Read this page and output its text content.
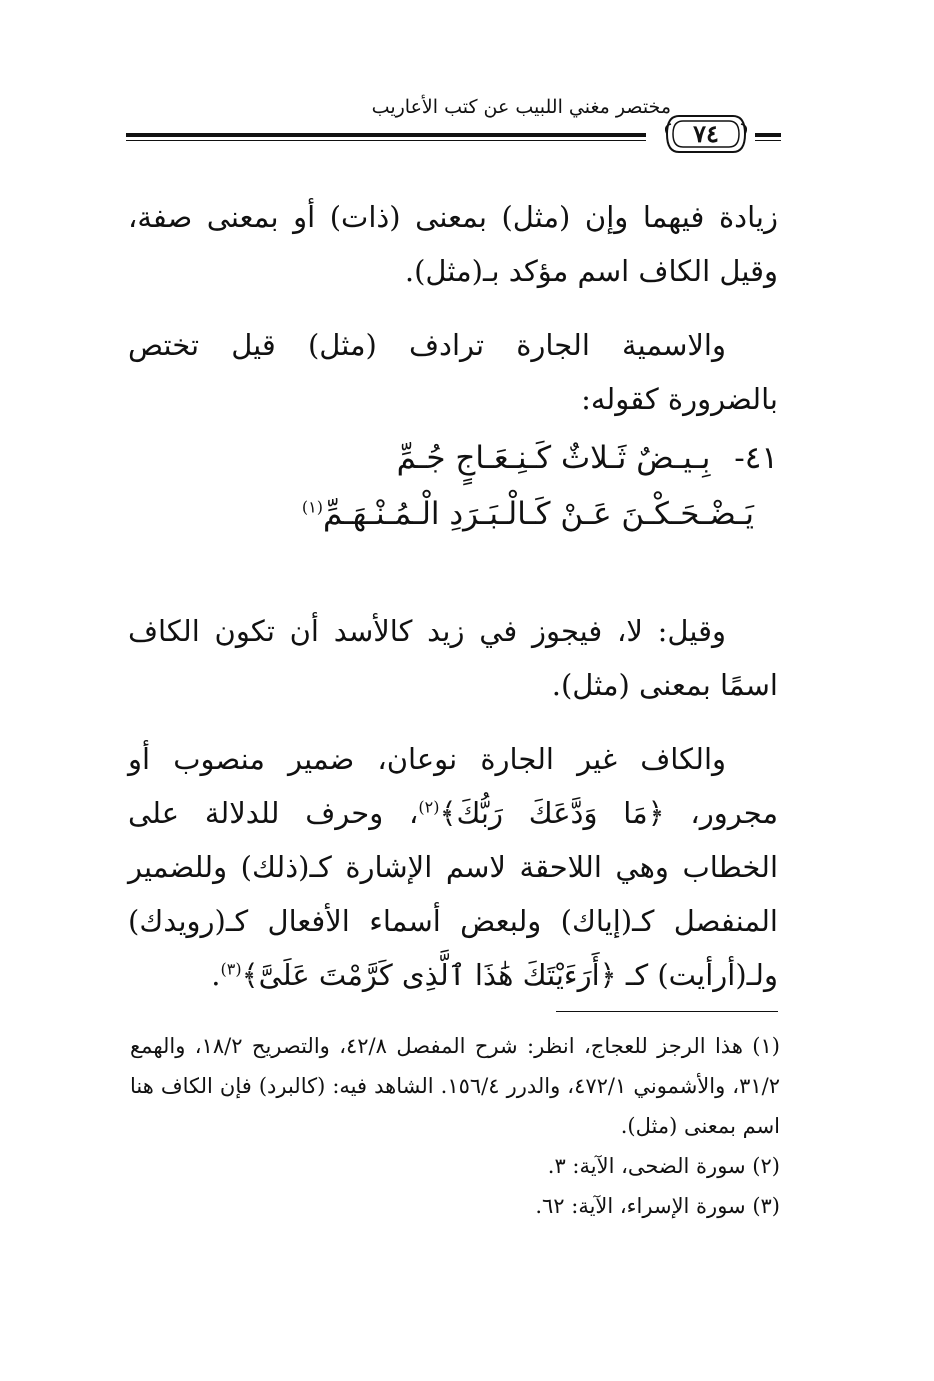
مختصر مغني اللبيب عن كتب الأعاريب
٧٤
زيادة فيهما وإن (مثل) بمعنى (ذات) أو بمعنى صفة، وقيل الكاف اسم مؤكد بـ(مثل).
والاسمية الجارة ترادف (مثل) قيل تختص بالضرورة كقوله:
٤١- بِـيـضٌ ثَـلاثٌ كَـنِـعَـاجٍ جُـمِّ
يَـضْـحَـكْـنَ عَـنْ كَـالْـبَـرَدِ الْـمُـنْـهَـمِّ$^{(١)}$
وقيل: لا، فيجوز في زيد كالأسد أن تكون الكاف اسمًا بمعنى (مثل).
والكاف غير الجارة نوعان، ضمير منصوب أو مجرور، ﴿مَا وَدَّعَكَ رَبُّكَ﴾$^{(٢)}$، وحرف للدلالة على الخطاب وهي اللاحقة لاسم الإشارة كـ(ذلك) وللضمير المنفصل كـ(إياك) ولبعض أسماء الأفعال كـ(رويدك) ولـ(أرأيت) كـ ﴿أَرَءَيْتَكَ هَٰذَا ٱلَّذِى كَرَّمْتَ عَلَىَّ﴾$^{(٣)}$.
(١) هذا الرجز للعجاج، انظر: شرح المفصل ٤٢/٨، والتصريح ١٨/٢، والهمع ٣١/٢، والأشموني ٤٧٢/١، والدرر ١٥٦/٤. الشاهد فيه: (كالبرد) فإن الكاف هنا اسم بمعنى (مثل).
(٢) سورة الضحى، الآية: ٣.
(٣) سورة الإسراء، الآية: ٦٢.
